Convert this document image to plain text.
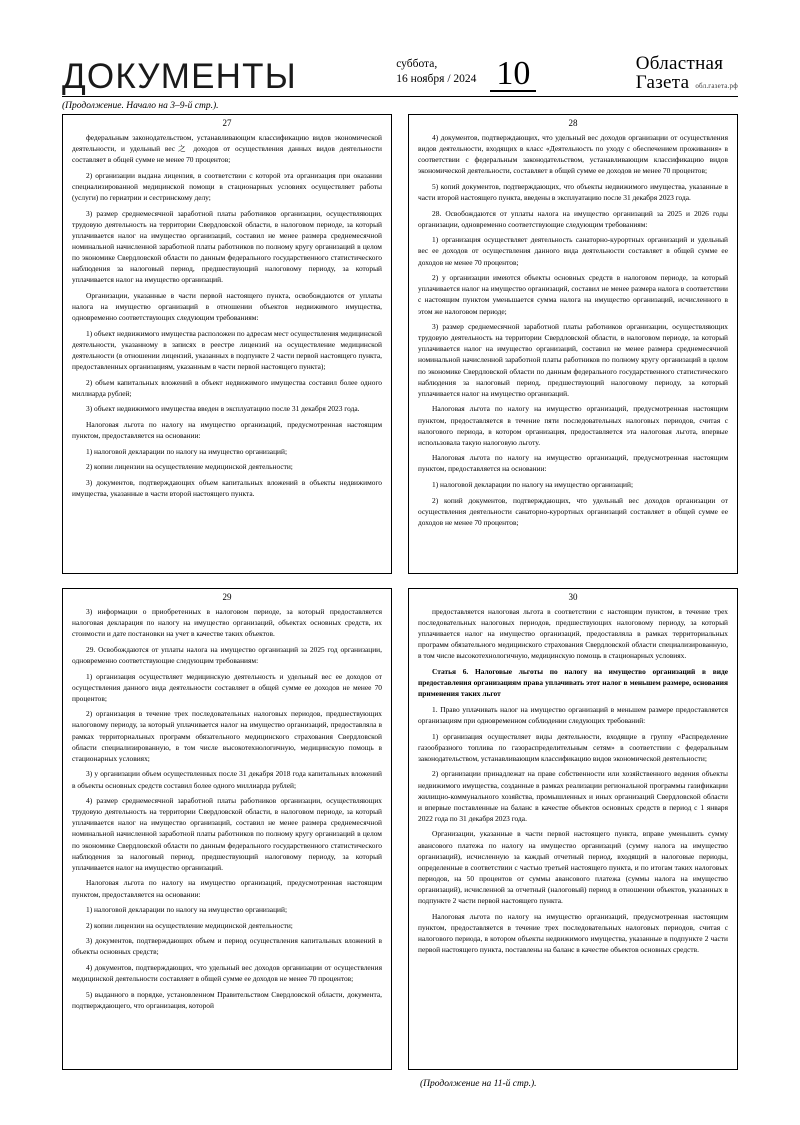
ДОКУМЕНТЫ	суббота,
16 ноября / 2024 10	Областная
Газета обл.газета.рф
(Продолжение. Начало на 3–9-й стр.).
27

федеральным законодательством, устанавливающим классификацию видов экономической деятельности, и удельный вес之 доходов от осуществления данных видов деятельности составляет в общей сумме не менее 70 процентов;

2) организации выдана лицензия, в соответствии с которой эта организация при оказании специализированной медицинской помощи в стационарных условиях осуществляет работы (услуги) по гериатрии и сестринскому делу;

3) размер среднемесячной заработной платы работников организации, осуществляющих трудовую деятельность на территории Свердловской области, в налоговом периоде, за который уплачивается налог на имущество организаций, составил не менее размера среднемесячной номинальной начисленной заработной платы работников по полному кругу организаций в целом по экономике Свердловской области по данным федерального государственного статистического наблюдения за налоговый период, предшествующий налоговому периоду, за который уплачивается налог на имущество организаций.

Организации, указанные в части первой настоящего пункта, освобождаются от уплаты налога на имущество организаций в отношении объектов недвижимого имущества, одновременно соответствующих следующим требованиям:

1) объект недвижимого имущества расположен по адресам мест осуществления медицинской деятельности, указанному в записях в реестре лицензий на осуществление медицинской деятельности (в отношении лицензий, указанных в подпункте 2 части первой настоящего пункта, предоставленных организациям, указанным в части первой настоящего пункта);

2) объем капитальных вложений в объект недвижимого имущества составил более одного миллиарда рублей;

3) объект недвижимого имущества введен в эксплуатацию после 31 декабря 2023 года.

Налоговая льгота по налогу на имущество организаций, предусмотренная настоящим пунктом, предоставляется на основании:

1) налоговой декларации по налогу на имущество организаций;

2) копии лицензии на осуществление медицинской деятельности;

3) документов, подтверждающих объем капитальных вложений в объекты недвижимого имущества, указанные в части второй настоящего пункта.

28

4) документов, подтверждающих, что удельный вес доходов организации от осуществления видов деятельности, входящих в класс «Деятельность по уходу с обеспечением проживания» в соответствии с федеральным законодательством, устанавливающим классификацию видов экономической деятельности, составляет в общей сумме ее доходов не менее 70 процентов;

5) копий документов, подтверждающих, что объекты недвижимого имущества, указанные в части второй настоящего пункта, введены в эксплуатацию после 31 декабря 2023 года.

28. Освобождаются от уплаты налога на имущество организаций за 2025 и 2026 годы организации, одновременно соответствующие следующим требованиям:

1) организация осуществляет деятельность санаторно-курортных организаций и удельный вес ее доходов от осуществления данного вида деятельности составляет в общей сумме ее доходов не менее 70 процентов;

2) у организации имеются объекты основных средств в налоговом периоде, за который уплачивается налог на имущество организаций, составил не менее размера налога в соответствии с настоящим пунктом уменьшается сумма налога на имущество организаций, исчисленного в этом же налоговом периоде;

3) размер среднемесячной заработной платы работников организации, осуществляющих трудовую деятельность на территории Свердловской области, в налоговом периоде, за который уплачивается налог на имущество организаций, составил не менее размера среднемесячной номинальной начисленной заработной платы работников по полному кругу организаций в целом по экономике Свердловской области по данным федерального государственного статистического наблюдения за налоговый период, предшествующий налоговому периоду, за который уплачивается налог на имущество организаций.

Налоговая льгота по налогу на имущество организаций, предусмотренная настоящим пунктом, предоставляется в течение пяти последовательных налоговых периодов, считая с налогового периода, в котором организация, предоставляется эта налоговая льгота, впервые использовала такую налоговую льготу.

Налоговая льгота по налогу на имущество организаций, предусмотренная настоящим пунктом, предоставляется на основании:

1) налоговой декларации по налогу на имущество организаций;

2) копий документов, подтверждающих, что удельный вес доходов организации от осуществления деятельности санаторно-курортных организаций составляет в общей сумме ее доходов не менее 70 процентов;

29

3) информации о приобретенных в налоговом периоде, за который предоставляется налоговая декларация по налогу на имущество организаций, объектах основных средств, их стоимости и дате постановки на учет в качестве таких объектов.

29. Освобождаются от уплаты налога на имущество организаций за 2025 год организации, одновременно соответствующие следующим требованиям:

1) организация осуществляет медицинскую деятельность и удельный вес ее доходов от осуществления данного вида деятельности составляет в общей сумме ее доходов не менее 70 процентов;

2) организация в течение трех последовательных налоговых периодов, предшествующих налоговому периоду, за который уплачивается налог на имущество организаций, предоставляла в рамках территориальных программ обязательного медицинского страхования Свердловской области специализированную, в том числе высокотехнологичную, медицинскую помощь в стационарных условиях;

3) у организации объем осуществленных после 31 декабря 2018 года капитальных вложений в объекты основных средств составил более одного миллиарда рублей;

4) размер среднемесячной заработной платы работников организации, осуществляющих трудовую деятельность на территории Свердловской области, в налоговом периоде, за который уплачивается налог на имущество организаций, составил не менее размера среднемесячной номинальной начисленной заработной платы работников по полному кругу организаций в целом по экономике Свердловской области по данным федерального государственного статистического наблюдения за налоговый период, предшествующий налоговому периоду, за который уплачивается налог на имущество организаций.

Налоговая льгота по налогу на имущество организаций, предусмотренная настоящим пунктом, предоставляется на основании:

1) налоговой декларации по налогу на имущество организаций;

2) копии лицензии на осуществление медицинской деятельности;

3) документов, подтверждающих объем и период осуществления капитальных вложений в объекты основных средств;

4) документов, подтверждающих, что удельный вес доходов организации от осуществления медицинской деятельности составляет в общей сумме ее доходов не менее 70 процентов;

5) выданного в порядке, установленном Правительством Свердловской области, документа, подтверждающего, что организация, которой

30

предоставляется налоговая льгота в соответствии с настоящим пунктом, в течение трех последовательных налоговых периодов, предшествующих налоговому периоду, за который уплачивается налог на имущество организаций, предоставляла в рамках территориальных программ обязательного медицинского страхования Свердловской области специализированную, в том числе высокотехнологичную, медицинскую помощь в стационарных условиях.

Статья 6. Налоговые льготы по налогу на имущество организаций в виде предоставления организациям права уплачивать этот налог в меньшем размере, основания применения таких льгот

1. Право уплачивать налог на имущество организаций в меньшем размере предоставляется организациям при одновременном соблюдении следующих требований:

1) организация осуществляет виды деятельности, входящие в группу «Распределение газообразного топлива по газораспределительным сетям» в соответствии с федеральным законодательством, устанавливающим классификацию видов экономической деятельности;

2) организации принадлежат на праве собственности или хозяйственного ведения объекты недвижимого имущества, созданные в рамках реализации региональной программы газификации жилищно-коммунального хозяйства, промышленных и иных организаций Свердловской области и впервые поставленные на баланс в качестве объектов основных средств в период с 1 января 2022 года по 31 декабря 2023 года.

Организации, указанные в части первой настоящего пункта, вправе уменьшить сумму авансового платежа по налогу на имущество организаций (сумму налога на имущество организаций), исчисленную за каждый отчетный период, входящий в налоговые периоды, определенные в соответствии с частью третьей настоящего пункта, и по итогам таких налоговых периодов, на 50 процентов от суммы авансового платежа (суммы налога на имущество организаций), исчисленной за отчетный (налоговый) период в отношении объектов, указанных в подпункте 2 части первой настоящего пункта.

Налоговая льгота по налогу на имущество организаций, предусмотренная настоящим пунктом, предоставляется в течение трех последовательных налоговых периодов, считая с налогового периода, в котором объекты недвижимого имущества, указанные в подпункте 2 части первой настоящего пункта, поставлены на баланс в качестве объектов основных средств.

(Продолжение на 11-й стр.).
